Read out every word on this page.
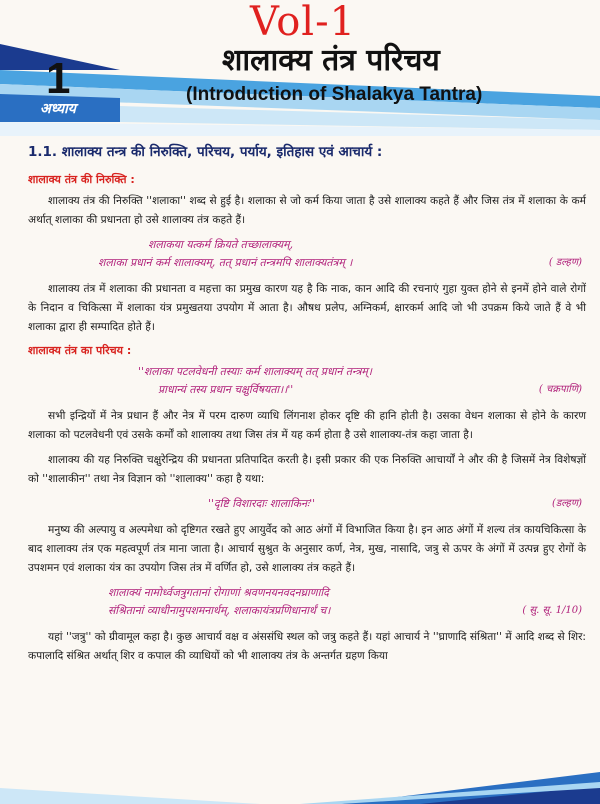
Vol-1
शालाक्य तंत्र परिचय
(Introduction of Shalakya Tantra)
1
अध्याय
1.1. शालाक्य तन्त्र की निरुक्ति, परिचय, पर्याय, इतिहास एवं आचार्य :
शालाक्य तंत्र की निरुक्ति :

शालाक्य तंत्र की निरुक्ति ''शलाका'' शब्द से हुई है। शलाका से जो कर्म किया जाता है उसे शालाक्य कहते हैं और जिस तंत्र में शलाका के कर्म अर्थात् शलाका की प्रधानता हो उसे शालाक्य तंत्र कहते हैं।

शलाकया यत्कर्म क्रियते तच्छालाक्यम्,

शलाका प्रधानं कर्म शालाक्यम्, तत् प्रधानं तन्त्रमपि शालाक्यतंत्रम् ।	( डल्हण)

शालाक्य तंत्र में शलाका की प्रधानता व महत्ता का प्रमुख कारण यह है कि नाक, कान आदि की रचनाएं गुहा युक्त होने से इनमें होने वाले रोगों के निदान व चिकित्सा में शलाका यंत्र प्रमुखतया उपयोग में आता है। औषध प्रलेप, अग्निकर्म, क्षारकर्म आदि जो भी उपक्रम किये जाते हैं वे भी शलाका द्वारा ही सम्पादित होते हैं।

शालाक्य तंत्र का परिचय :

''शलाका पटलवेधनी तस्याः कर्म शालाक्यम् तत् प्रधानं तन्त्रम्।

प्राधान्यं तस्य प्रधान चक्षुर्विषयता।।''	( चक्रपाणि)

सभी इन्द्रियों में नेत्र प्रधान हैं और नेत्र में परम दारुण व्याधि लिंगनाश होकर दृष्टि की हानि होती है। उसका वेधन शलाका से होने के कारण शलाका को पटलवेधनी एवं उसके कर्मों को शालाक्य तथा जिस तंत्र में यह कर्म होता है उसे शालाक्य-तंत्र कहा जाता है।

शालाक्य की यह निरुक्ति चक्षुरेन्द्रिय की प्रधानता प्रतिपादित करती है। इसी प्रकार की एक निरुक्ति आचार्यों ने और की है जिसमें नेत्र विशेषज्ञों को ''शालाकीन'' तथा नेत्र विज्ञान को ''शालाक्य'' कहा है यथा:

''दृष्टि विशारदाः शालाकिनः''	(डल्हण)

मनुष्य की अल्पायु व अल्पमेधा को दृष्टिगत रखते हुए आयुर्वेद को आठ अंगों में विभाजित किया है। इन आठ अंगों में शल्य तंत्र कायचिकित्सा के बाद शालाक्य तंत्र एक महत्वपूर्ण तंत्र माना जाता है। आचार्य सुश्रुत के अनुसार कर्ण, नेत्र, मुख, नासादि, जत्रु से ऊपर के अंगों में उत्पन्न हुए रोगों के उपशमन एवं शलाका यंत्र का उपयोग जिस तंत्र में वर्णित हो, उसे शालाक्य तंत्र कहते हैं।

शालाक्यं नामोर्ध्वजत्रुगतानां रोगाणां श्रवणनयनवदनघ्राणादि

संश्रितानां व्याधीनामुपशमनार्थम्, शलाकायंत्रप्रणिधानार्थं च।	( सु. सू. 1/10)

यहां ''जत्रु'' को ग्रीवामूल कहा है। कुछ आचार्य वक्ष व अंससंधि स्थल को जत्रु कहते हैं। यहां आचार्य ने ''घ्राणादि संश्रिता'' में आदि शब्द से शिर: कपालादि संश्रित अर्थात् शिर व कपाल की व्याधियों को भी शालाक्य तंत्र के अन्तर्गत ग्रहण किया
